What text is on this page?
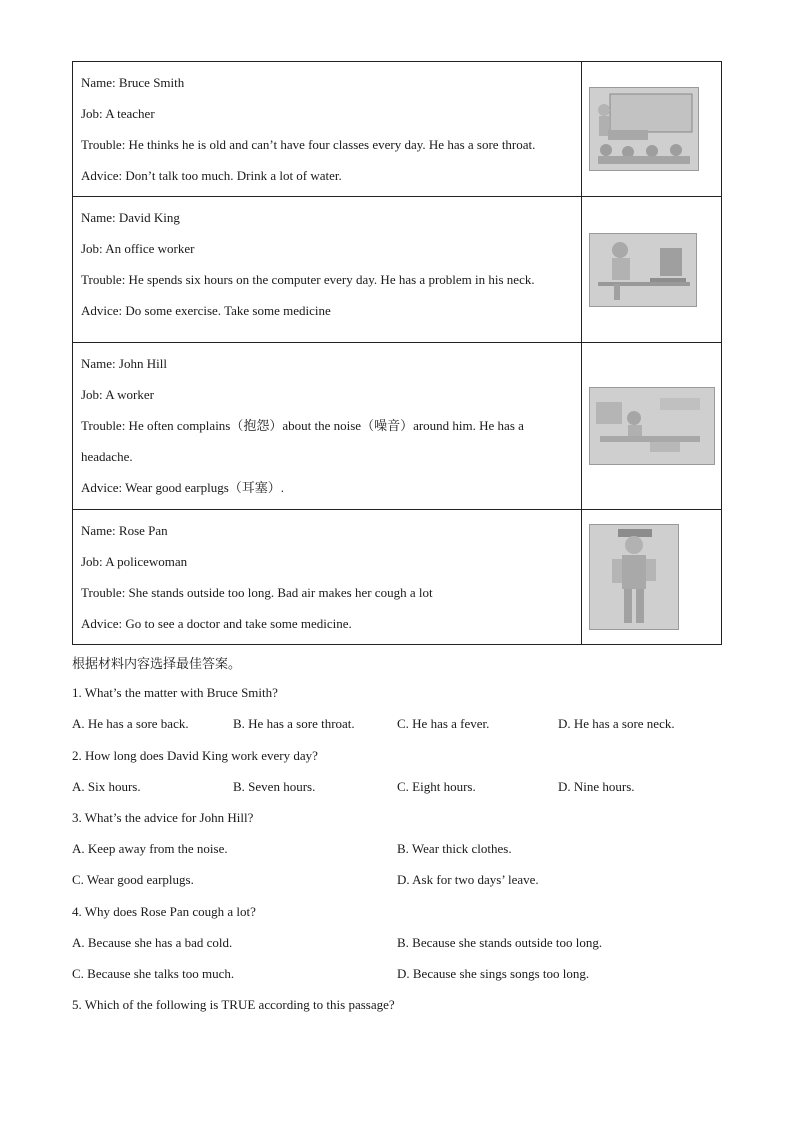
Name: Bruce Smith
Job: A teacher
Trouble: He thinks he is old and can’t have four classes every day. He has a sore throat.
Advice: Don’t talk too much. Drink a lot of water.

Name: David King
Job: An office worker
Trouble: He spends six hours on the computer every day. He has a problem in his neck.
Advice: Do some exercise. Take some medicine

Name: John Hill
Job: A worker
Trouble: He often complains（抱怨）about the noise（噪音）around him. He has a
headache.
Advice: Wear good earplugs（耳塞）.

Name: Rose Pan
Job: A policewoman
Trouble: She stands outside too long. Bad air makes her cough a lot
Advice: Go to see a doctor and take some medicine.

根据材料内容选择最佳答案。
1. What’s the matter with Bruce Smith?
A. He has a sore back.	B. He has a sore throat.	C. He has a fever.	D. He has a sore neck.
2. How long does David King work every day?
A. Six hours.	B. Seven hours.	C. Eight hours.	D. Nine hours.
3. What’s the advice for John Hill?
A. Keep away from the noise.	B. Wear thick clothes.
C. Wear good earplugs.	D. Ask for two days’ leave.
4. Why does Rose Pan cough a lot?
A. Because she has a bad cold.	B. Because she stands outside too long.
C. Because she talks too much.	D. Because she sings songs too long.
5. Which of the following is TRUE according to this passage?
